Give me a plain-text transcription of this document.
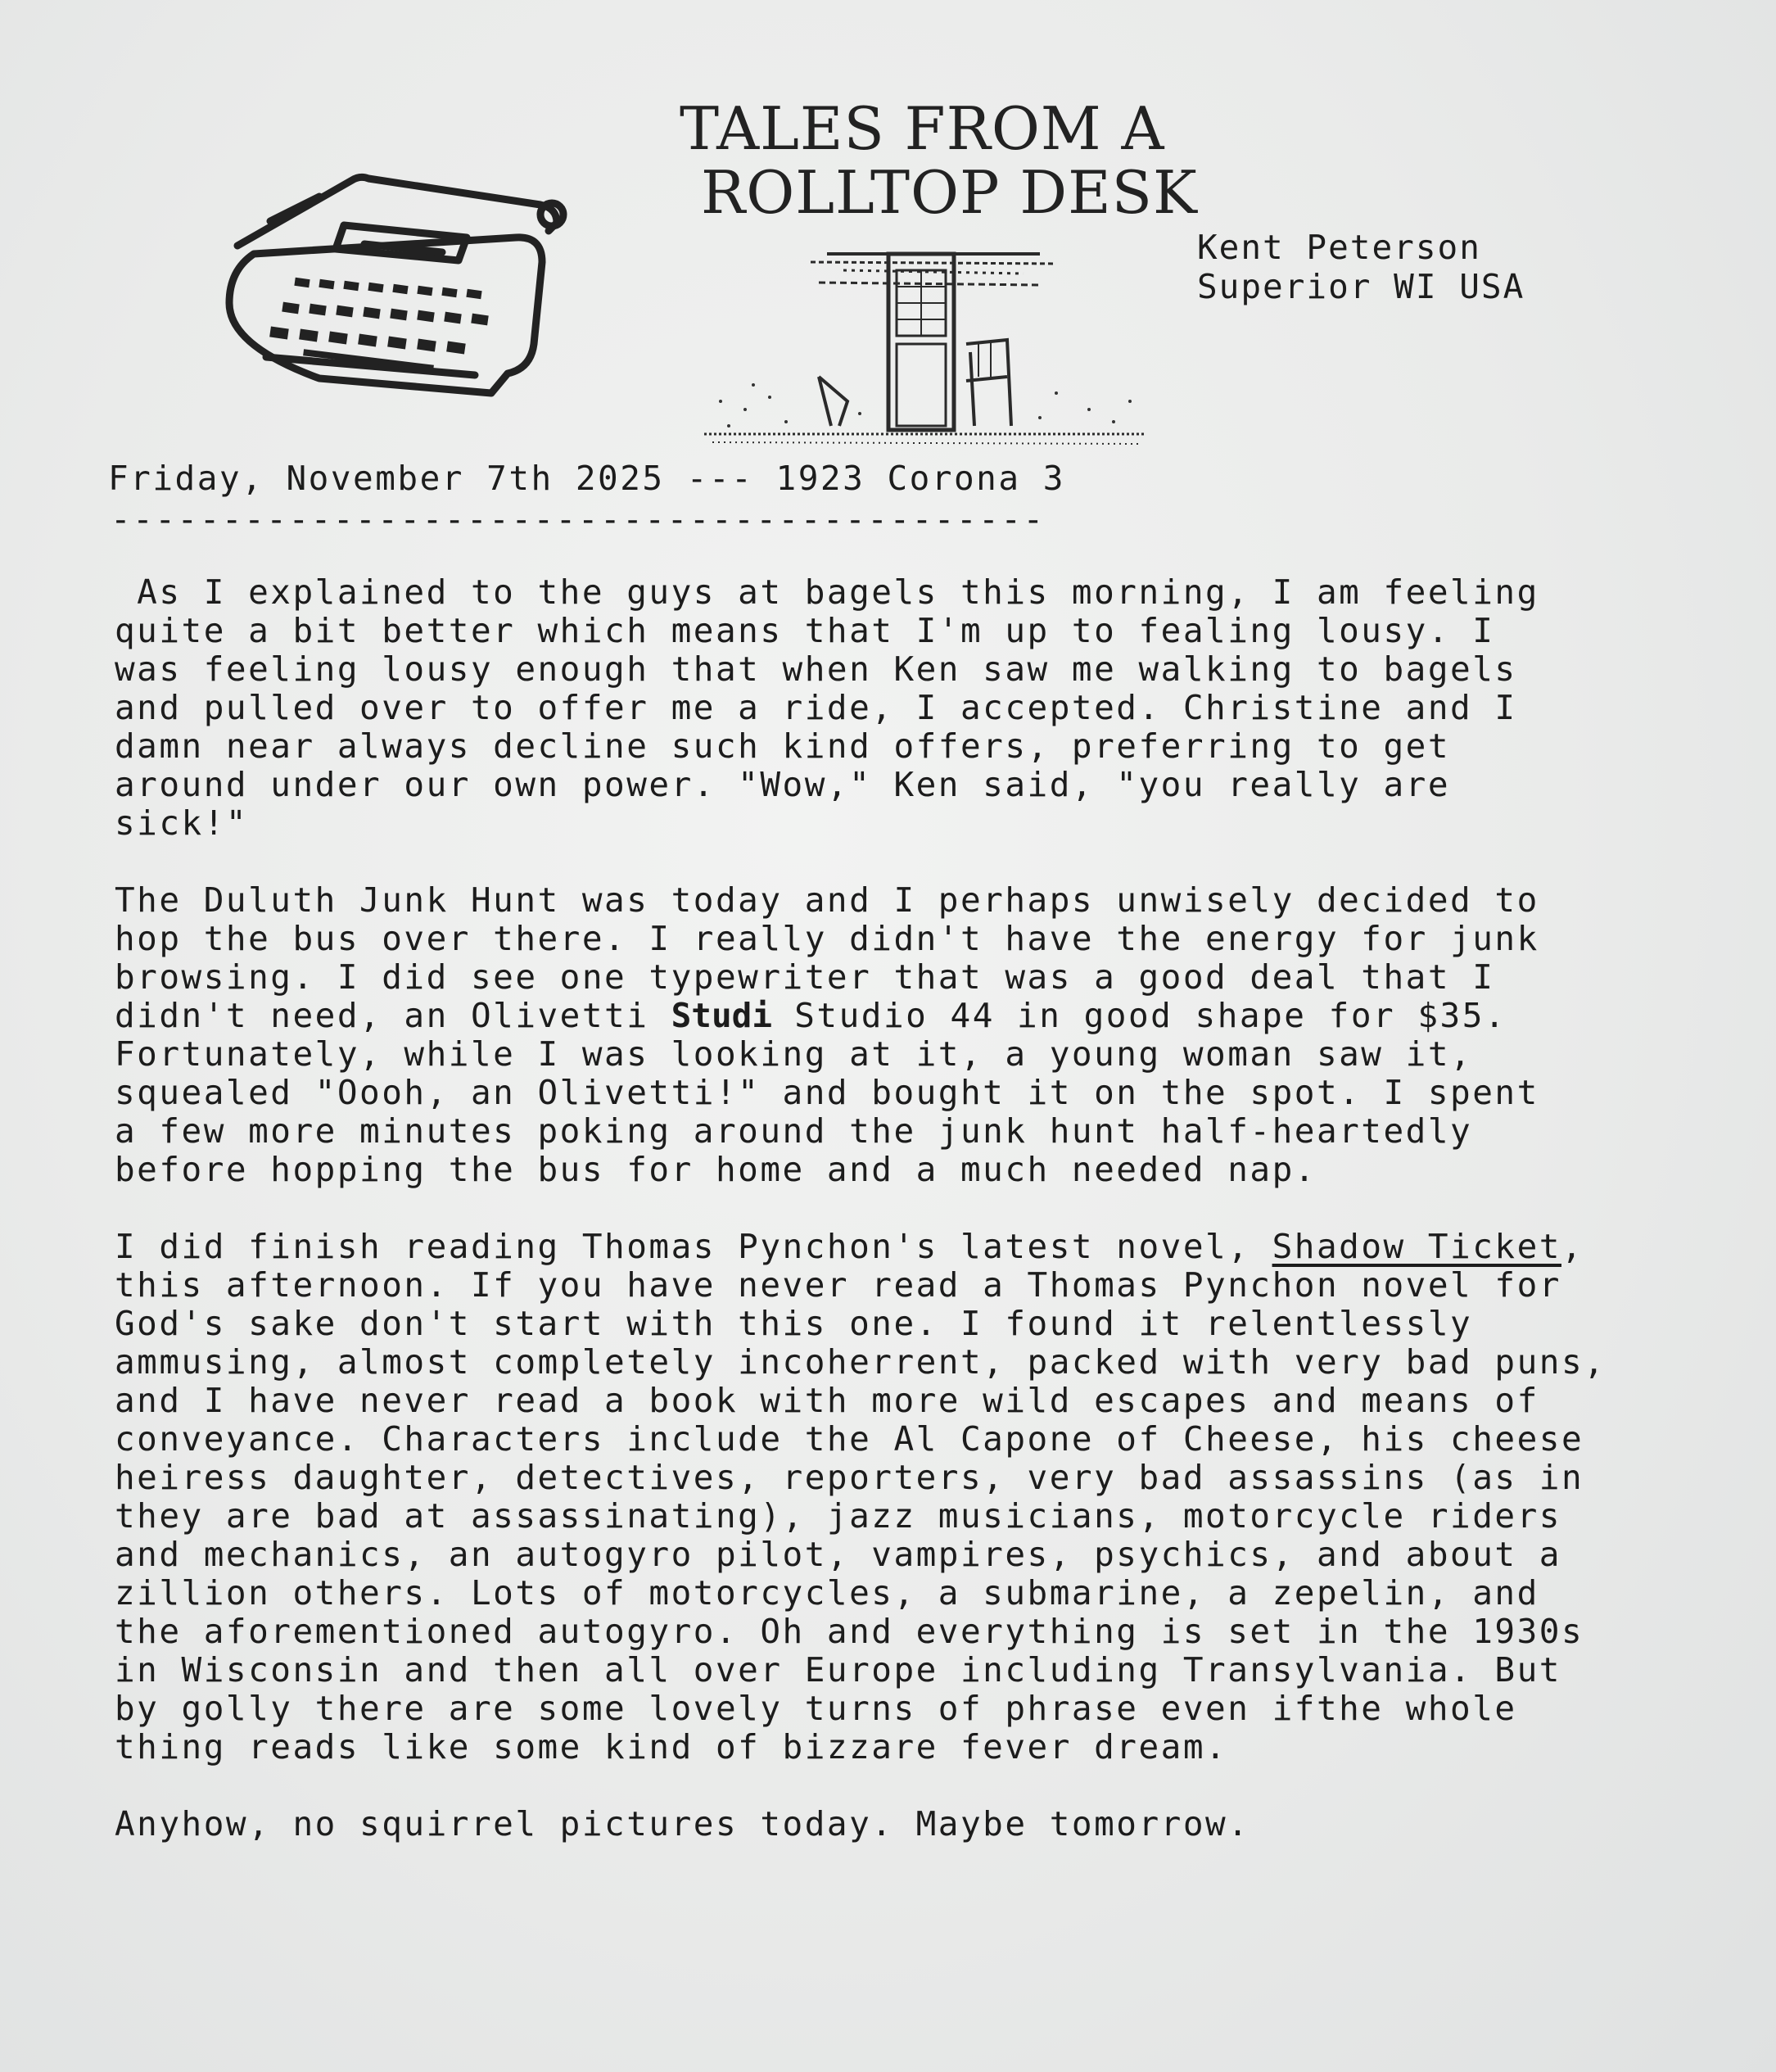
TALES FROM A
ROLLTOP DESK
Kent Peterson
Superior WI USA
Friday, November 7th 2025 --- 1923 Corona 3
------------------------------------------
As I explained to the guys at bagels this morning, I am feeling
quite a bit better which means that I'm up to fealing lousy. I
was feeling lousy enough that when Ken saw me walking to bagels
and pulled over to offer me a ride, I accepted. Christine and I
damn near always decline such kind offers, preferring to get
around under our own power. "Wow," Ken said, "you really are
sick!"
The Duluth Junk Hunt was today and I perhaps unwisely decided to
hop the bus over there. I really didn't have the energy for junk
browsing. I did see one typewriter that was a good deal that I
didn't need, an Olivetti Studi Studio 44 in good shape for $35.
Fortunately, while I was looking at it, a young woman saw it,
squealed "Oooh, an Olivetti!" and bought it on the spot. I spent
a few more minutes poking around the junk hunt half-heartedly
before hopping the bus for home and a much needed nap.
I did finish reading Thomas Pynchon's latest novel, Shadow Ticket,
this afternoon. If you have never read a Thomas Pynchon novel for
God's sake don't start with this one. I found it relentlessly
ammusing, almost completely incoherrent, packed with very bad puns,
and I have never read a book with more wild escapes and means of
conveyance. Characters include the Al Capone of Cheese, his cheese
heiress daughter, detectives, reporters, very bad assassins (as in
they are bad at assassinating), jazz musicians, motorcycle riders
and mechanics, an autogyro pilot, vampires, psychics, and about a
zillion others. Lots of motorcycles, a submarine, a zepelin, and
the aforementioned autogyro. Oh and everything is set in the 1930s
in Wisconsin and then all over Europe including Transylvania. But
by golly there are some lovely turns of phrase even ifthe whole
thing reads like some kind of bizzare fever dream.
Anyhow, no squirrel pictures today. Maybe tomorrow.
